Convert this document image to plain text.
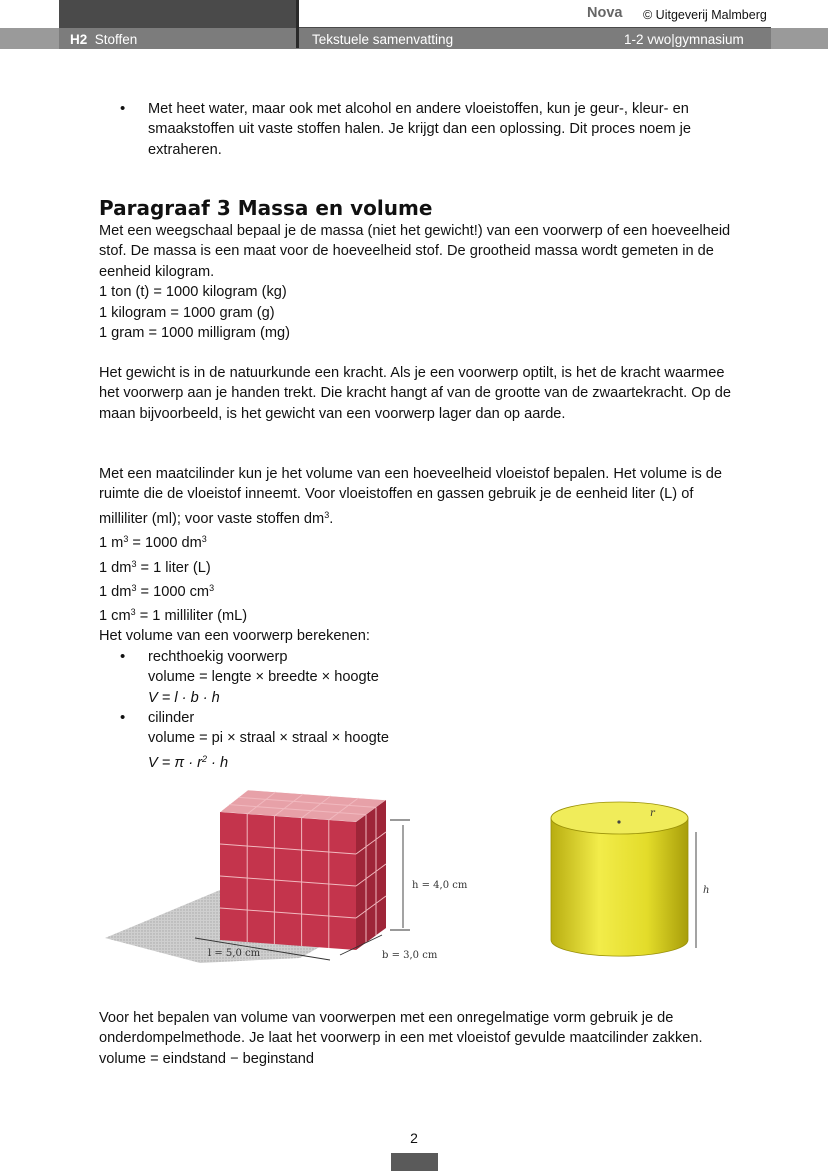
H2 Stoffen	Tekstuele samenvatting	1-2 vwo|gymnasium
Nova © Uitgeverij Malmberg
• Met heet water, maar ook met alcohol en andere vloeistoffen, kun je geur-, kleur- en smaakstoffen uit vaste stoffen halen. Je krijgt dan een oplossing. Dit proces noem je extraheren.
Paragraaf 3 Massa en volume

Met een weegschaal bepaal je de massa (niet het gewicht!) van een voorwerp of een hoeveelheid stof. De massa is een maat voor de hoeveelheid stof. De grootheid massa wordt gemeten in de eenheid kilogram.

1 ton (t) = 1000 kilogram (kg)

1 kilogram = 1000 gram (g)

1 gram = 1000 milligram (mg)

Het gewicht is in de natuurkunde een kracht. Als je een voorwerp optilt, is het de kracht waarmee het voorwerp aan je handen trekt. Die kracht hangt af van de grootte van de zwaartekracht. Op de maan bijvoorbeeld, is het gewicht van een voorwerp lager dan op aarde.

Met een maatcilinder kun je het volume van een hoeveelheid vloeistof bepalen. Het volume is de ruimte die de vloeistof inneemt. Voor vloeistoffen en gassen gebruik je de eenheid liter (L) of milliliter (ml); voor vaste stoffen $dm^3$.

1 $m^3 = 1000$ $dm^3$

1 $dm^3 = 1$ liter (L)

1 $dm^3 = 1000$ $cm^3$

1 $cm^3 = 1$ milliliter (mL)

Het volume van een voorwerp berekenen:
• rechthoekig voorwerp
volume = lengte × breedte × hoogte
V = l · b · h
• cilinder
volume = pi × straal × straal × hoogte
$V = \pi \cdot r^2 \cdot h$
h = 4,0 cm
l = 5,0 cm	b = 3,0 cm
r
h

Voor het bepalen van volume van voorwerpen met een onregelmatige vorm gebruik je de onderdompelmethode. Je laat het voorwerp in een met vloeistof gevulde maatcilinder zakken.

volume = eindstand − beginstand

2
